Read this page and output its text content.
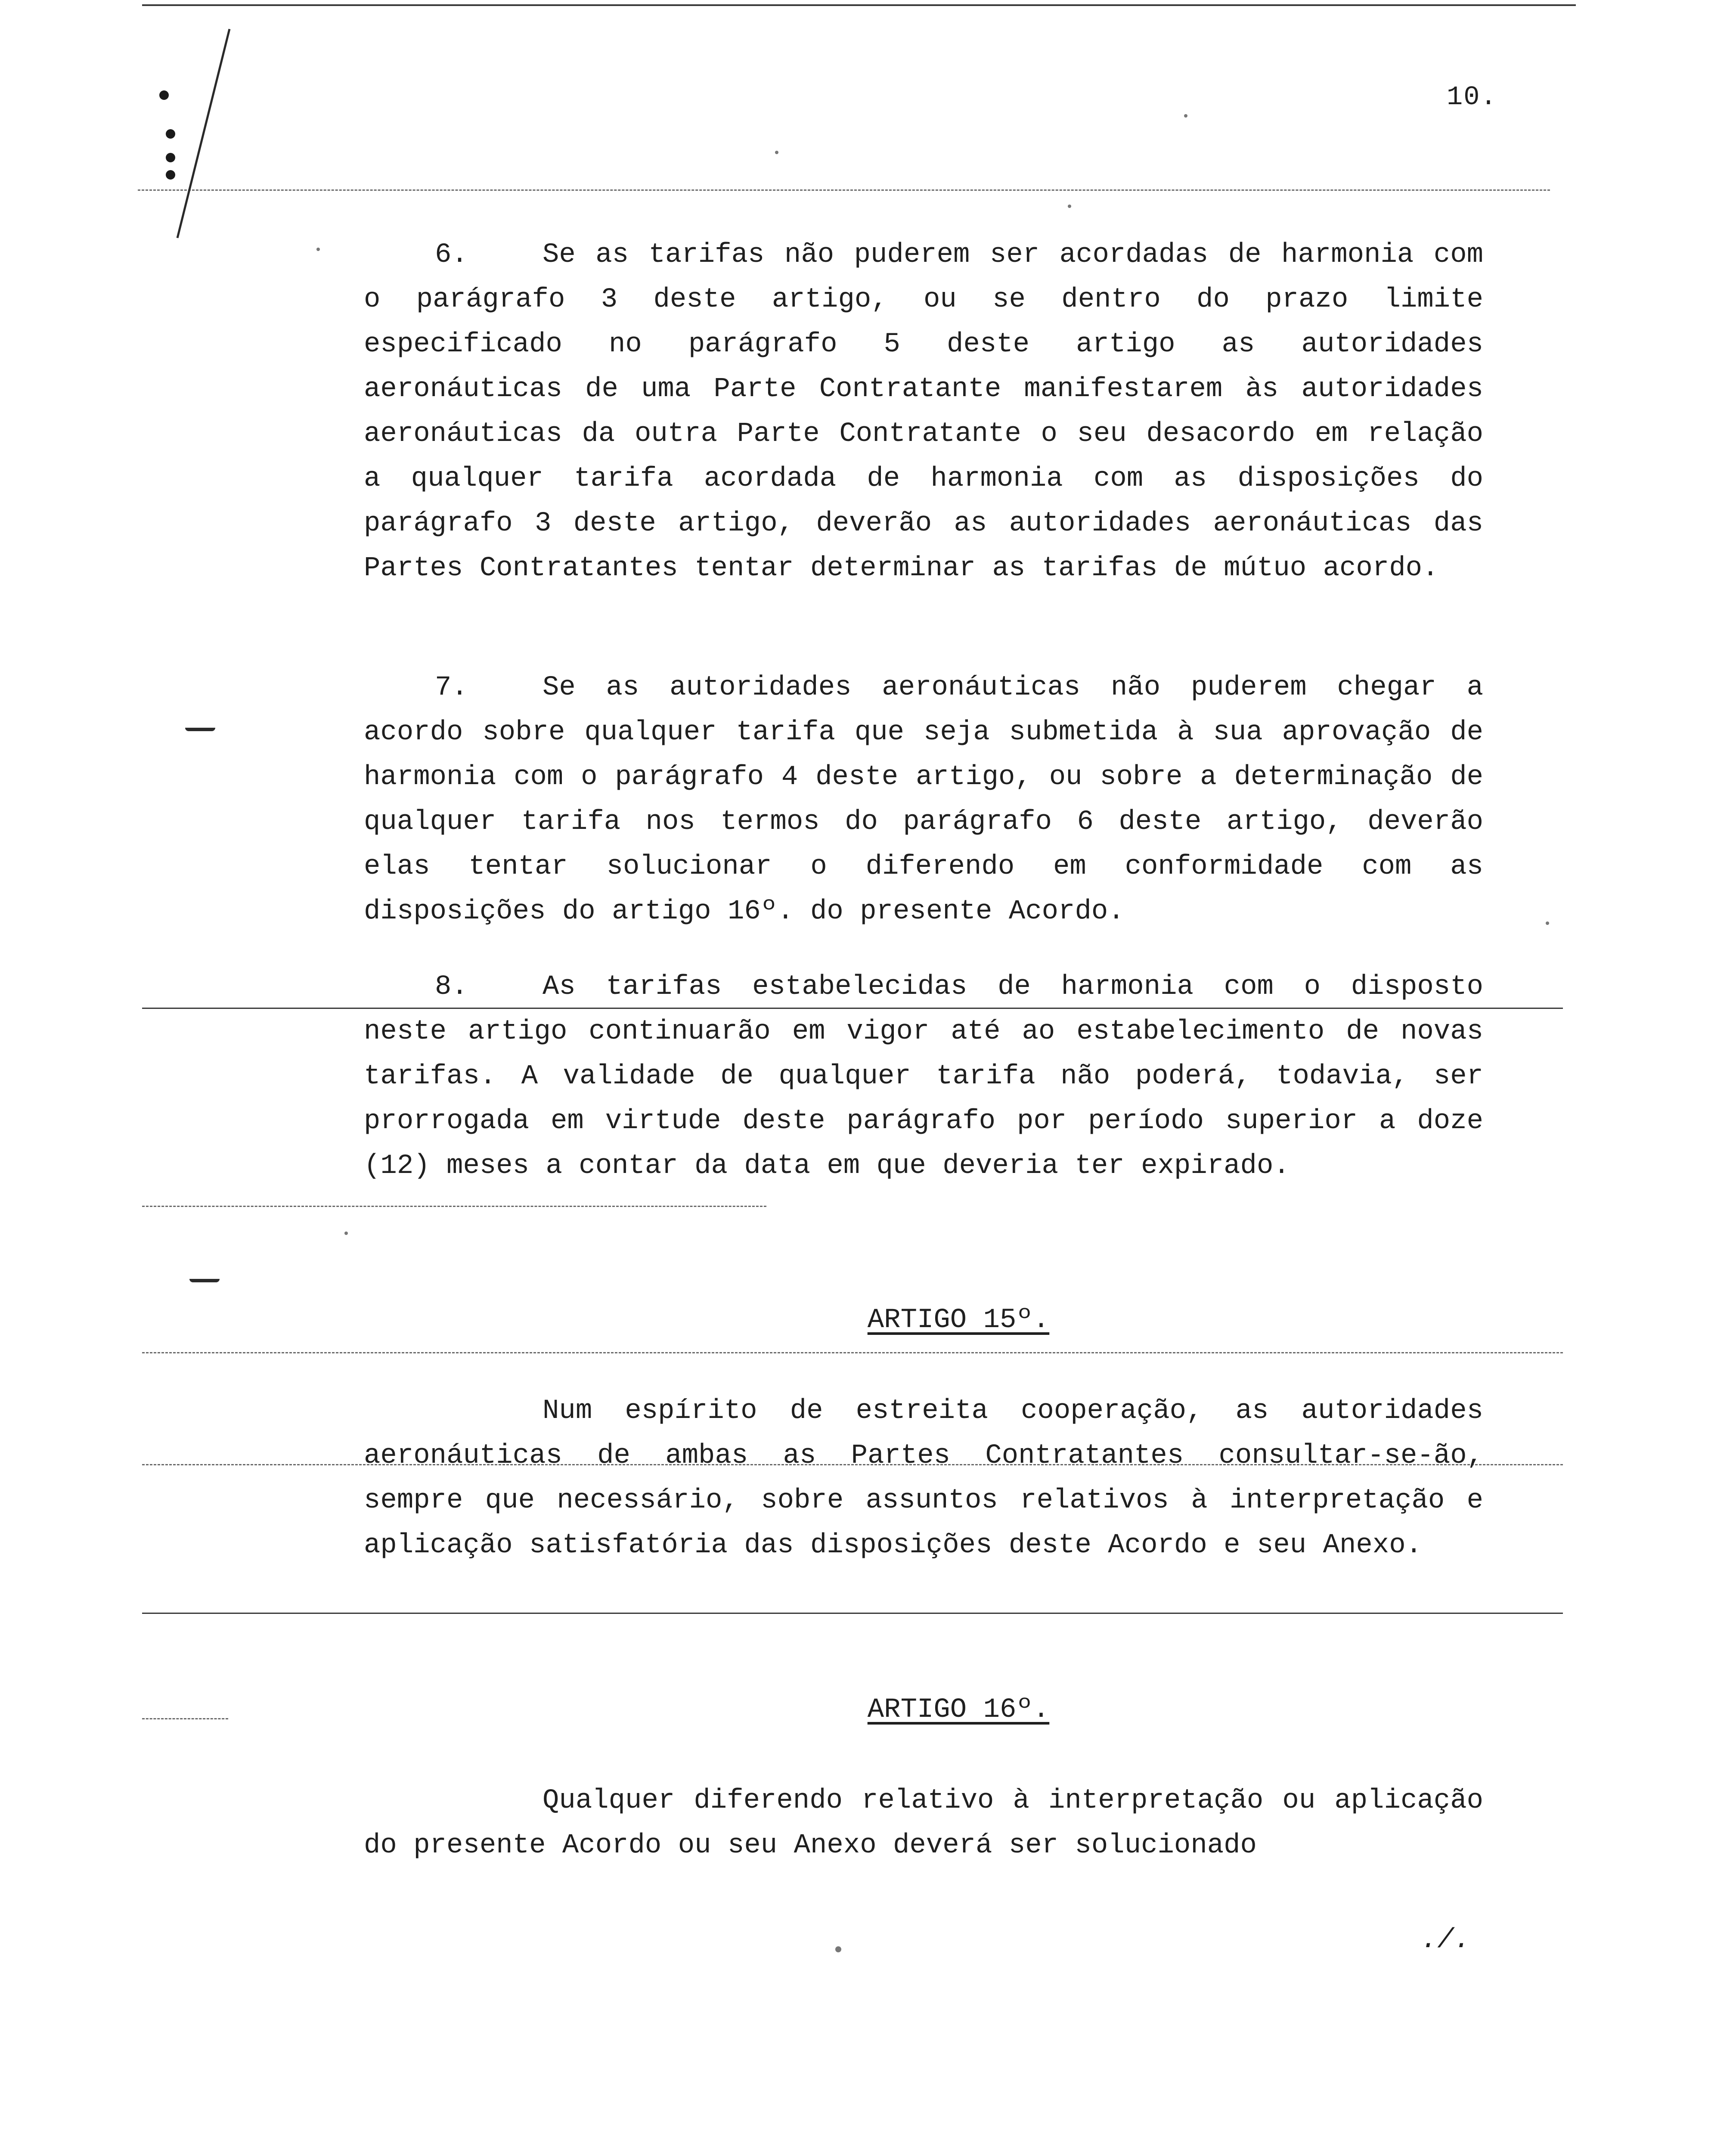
10.

6.	Se as tarifas não puderem ser acordadas de harmonia com o parágrafo 3 deste artigo, ou se dentro do prazo limite especificado no parágrafo 5 deste artigo as autoridades aeronáuticas de uma Parte Contratante manifestarem às autoridades aeronáuticas da outra Parte Contratante o seu desacordo em relação a qualquer tarifa acordada de harmonia com as disposições do parágrafo 3 deste artigo, deverão as autoridades aeronáuticas das Partes Contratantes tentar determinar as tarifas de mútuo acordo.

7.	Se as autoridades aeronáuticas não puderem chegar a acordo sobre qualquer tarifa que seja submetida à sua aprovação de harmonia com o parágrafo 4 deste artigo, ou sobre a determinação de qualquer tarifa nos termos do parágrafo 6 deste artigo, deverão elas tentar solucionar o diferendo em conformidade com as disposições do artigo 16º. do presente Acordo.

8.	As tarifas estabelecidas de harmonia com o disposto neste artigo continuarão em vigor até ao estabelecimento de novas tarifas. A validade de qualquer tarifa não poderá, todavia, ser prorrogada em virtude deste parágrafo por período superior a doze (12) meses a contar da data em que deveria ter expirado.

ARTIGO 15º.

Num espírito de estreita cooperação, as autoridades aeronáuticas de ambas as Partes Contratantes consultar-se-ão, sempre que necessário, sobre assuntos relativos à interpretação e aplicação satisfatória das disposições deste Acordo e seu Anexo.

ARTIGO 16º.

Qualquer diferendo relativo à interpretação ou aplicação do presente Acordo ou seu Anexo deverá ser solucionado

./.
